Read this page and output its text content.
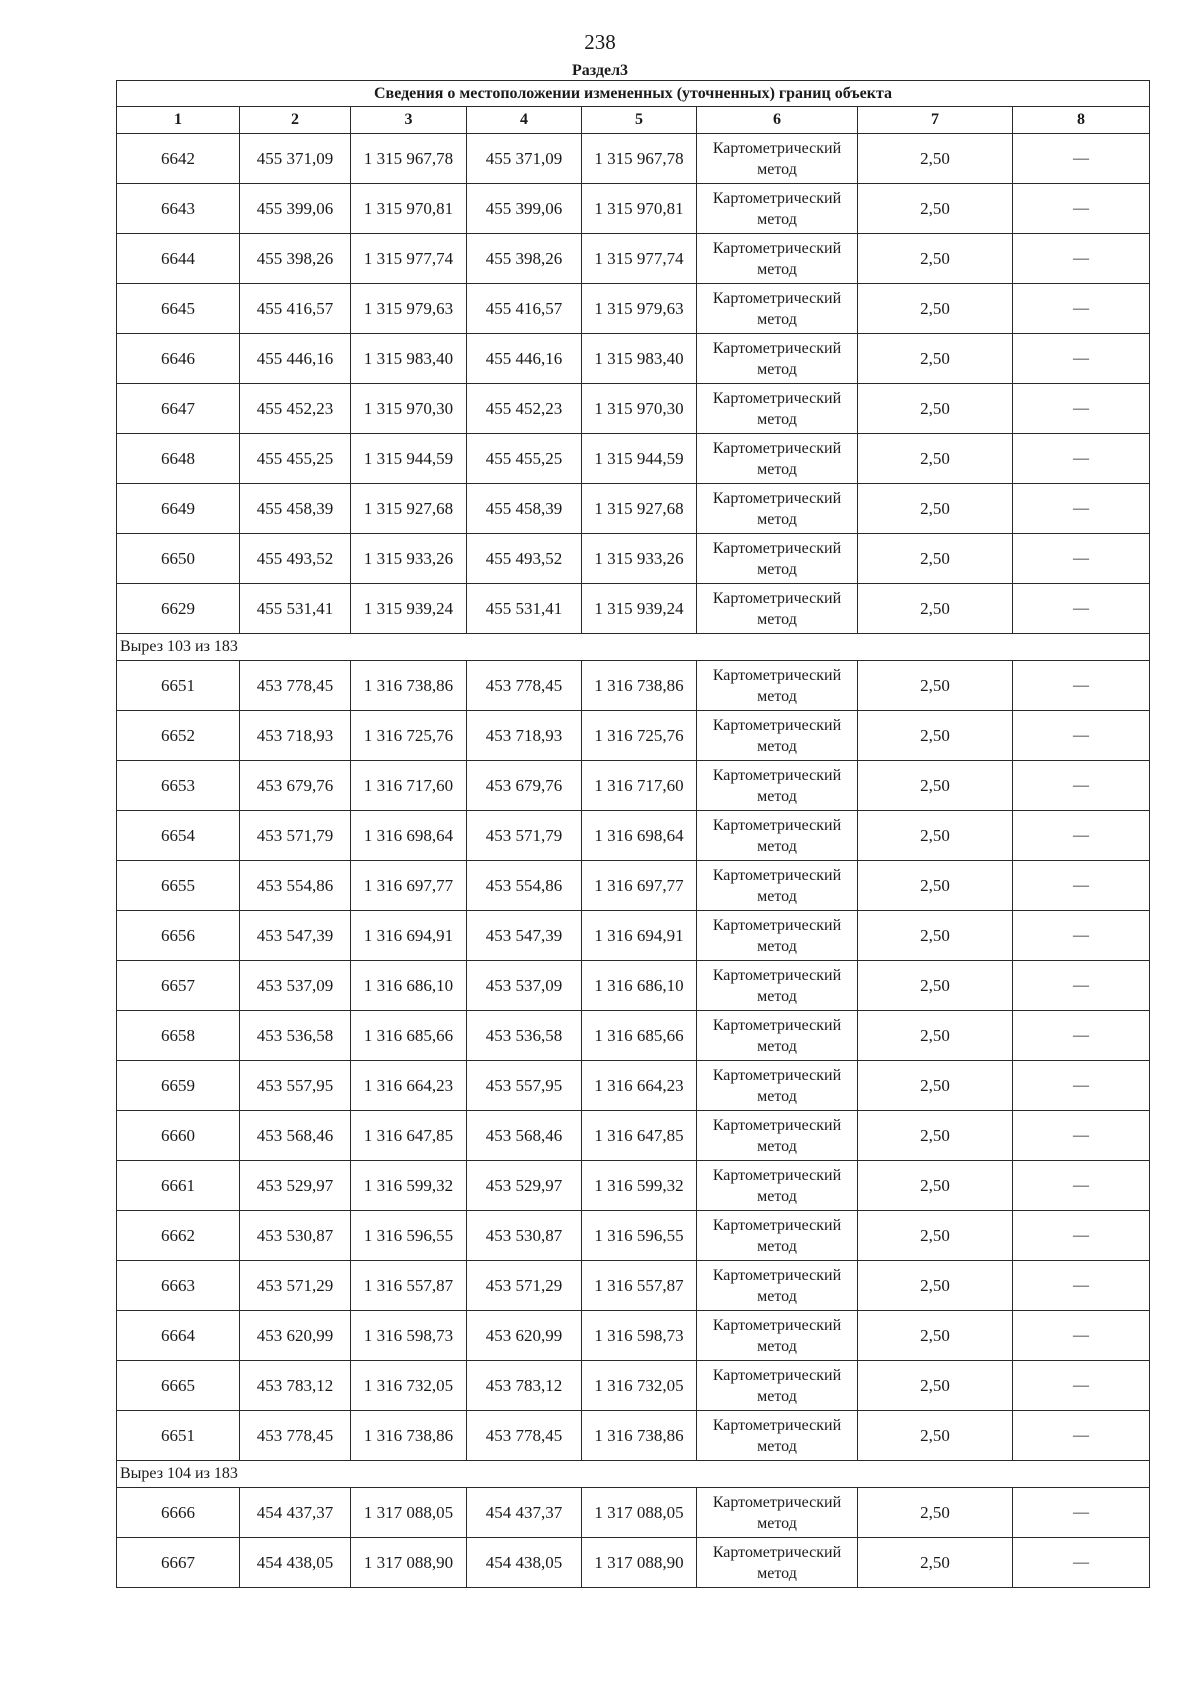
238
Раздел3
Сведения о местоположении измененных (уточненных) границ объекта							
1	2	3	4	5	6	7	8
6642	455 371,09	1 315 967,78	455 371,09	1 315 967,78	Картометрический метод	2,50	—
6643	455 399,06	1 315 970,81	455 399,06	1 315 970,81	Картометрический метод	2,50	—
6644	455 398,26	1 315 977,74	455 398,26	1 315 977,74	Картометрический метод	2,50	—
6645	455 416,57	1 315 979,63	455 416,57	1 315 979,63	Картометрический метод	2,50	—
6646	455 446,16	1 315 983,40	455 446,16	1 315 983,40	Картометрический метод	2,50	—
6647	455 452,23	1 315 970,30	455 452,23	1 315 970,30	Картометрический метод	2,50	—
6648	455 455,25	1 315 944,59	455 455,25	1 315 944,59	Картометрический метод	2,50	—
6649	455 458,39	1 315 927,68	455 458,39	1 315 927,68	Картометрический метод	2,50	—
6650	455 493,52	1 315 933,26	455 493,52	1 315 933,26	Картометрический метод	2,50	—
6629	455 531,41	1 315 939,24	455 531,41	1 315 939,24	Картометрический метод	2,50	—
Вырез 103 из 183							
6651	453 778,45	1 316 738,86	453 778,45	1 316 738,86	Картометрический метод	2,50	—
6652	453 718,93	1 316 725,76	453 718,93	1 316 725,76	Картометрический метод	2,50	—
6653	453 679,76	1 316 717,60	453 679,76	1 316 717,60	Картометрический метод	2,50	—
6654	453 571,79	1 316 698,64	453 571,79	1 316 698,64	Картометрический метод	2,50	—
6655	453 554,86	1 316 697,77	453 554,86	1 316 697,77	Картометрический метод	2,50	—
6656	453 547,39	1 316 694,91	453 547,39	1 316 694,91	Картометрический метод	2,50	—
6657	453 537,09	1 316 686,10	453 537,09	1 316 686,10	Картометрический метод	2,50	—
6658	453 536,58	1 316 685,66	453 536,58	1 316 685,66	Картометрический метод	2,50	—
6659	453 557,95	1 316 664,23	453 557,95	1 316 664,23	Картометрический метод	2,50	—
6660	453 568,46	1 316 647,85	453 568,46	1 316 647,85	Картометрический метод	2,50	—
6661	453 529,97	1 316 599,32	453 529,97	1 316 599,32	Картометрический метод	2,50	—
6662	453 530,87	1 316 596,55	453 530,87	1 316 596,55	Картометрический метод	2,50	—
6663	453 571,29	1 316 557,87	453 571,29	1 316 557,87	Картометрический метод	2,50	—
6664	453 620,99	1 316 598,73	453 620,99	1 316 598,73	Картометрический метод	2,50	—
6665	453 783,12	1 316 732,05	453 783,12	1 316 732,05	Картометрический метод	2,50	—
6651	453 778,45	1 316 738,86	453 778,45	1 316 738,86	Картометрический метод	2,50	—
Вырез 104 из 183							
6666	454 437,37	1 317 088,05	454 437,37	1 317 088,05	Картометрический метод	2,50	—
6667	454 438,05	1 317 088,90	454 438,05	1 317 088,90	Картометрический метод	2,50	—
